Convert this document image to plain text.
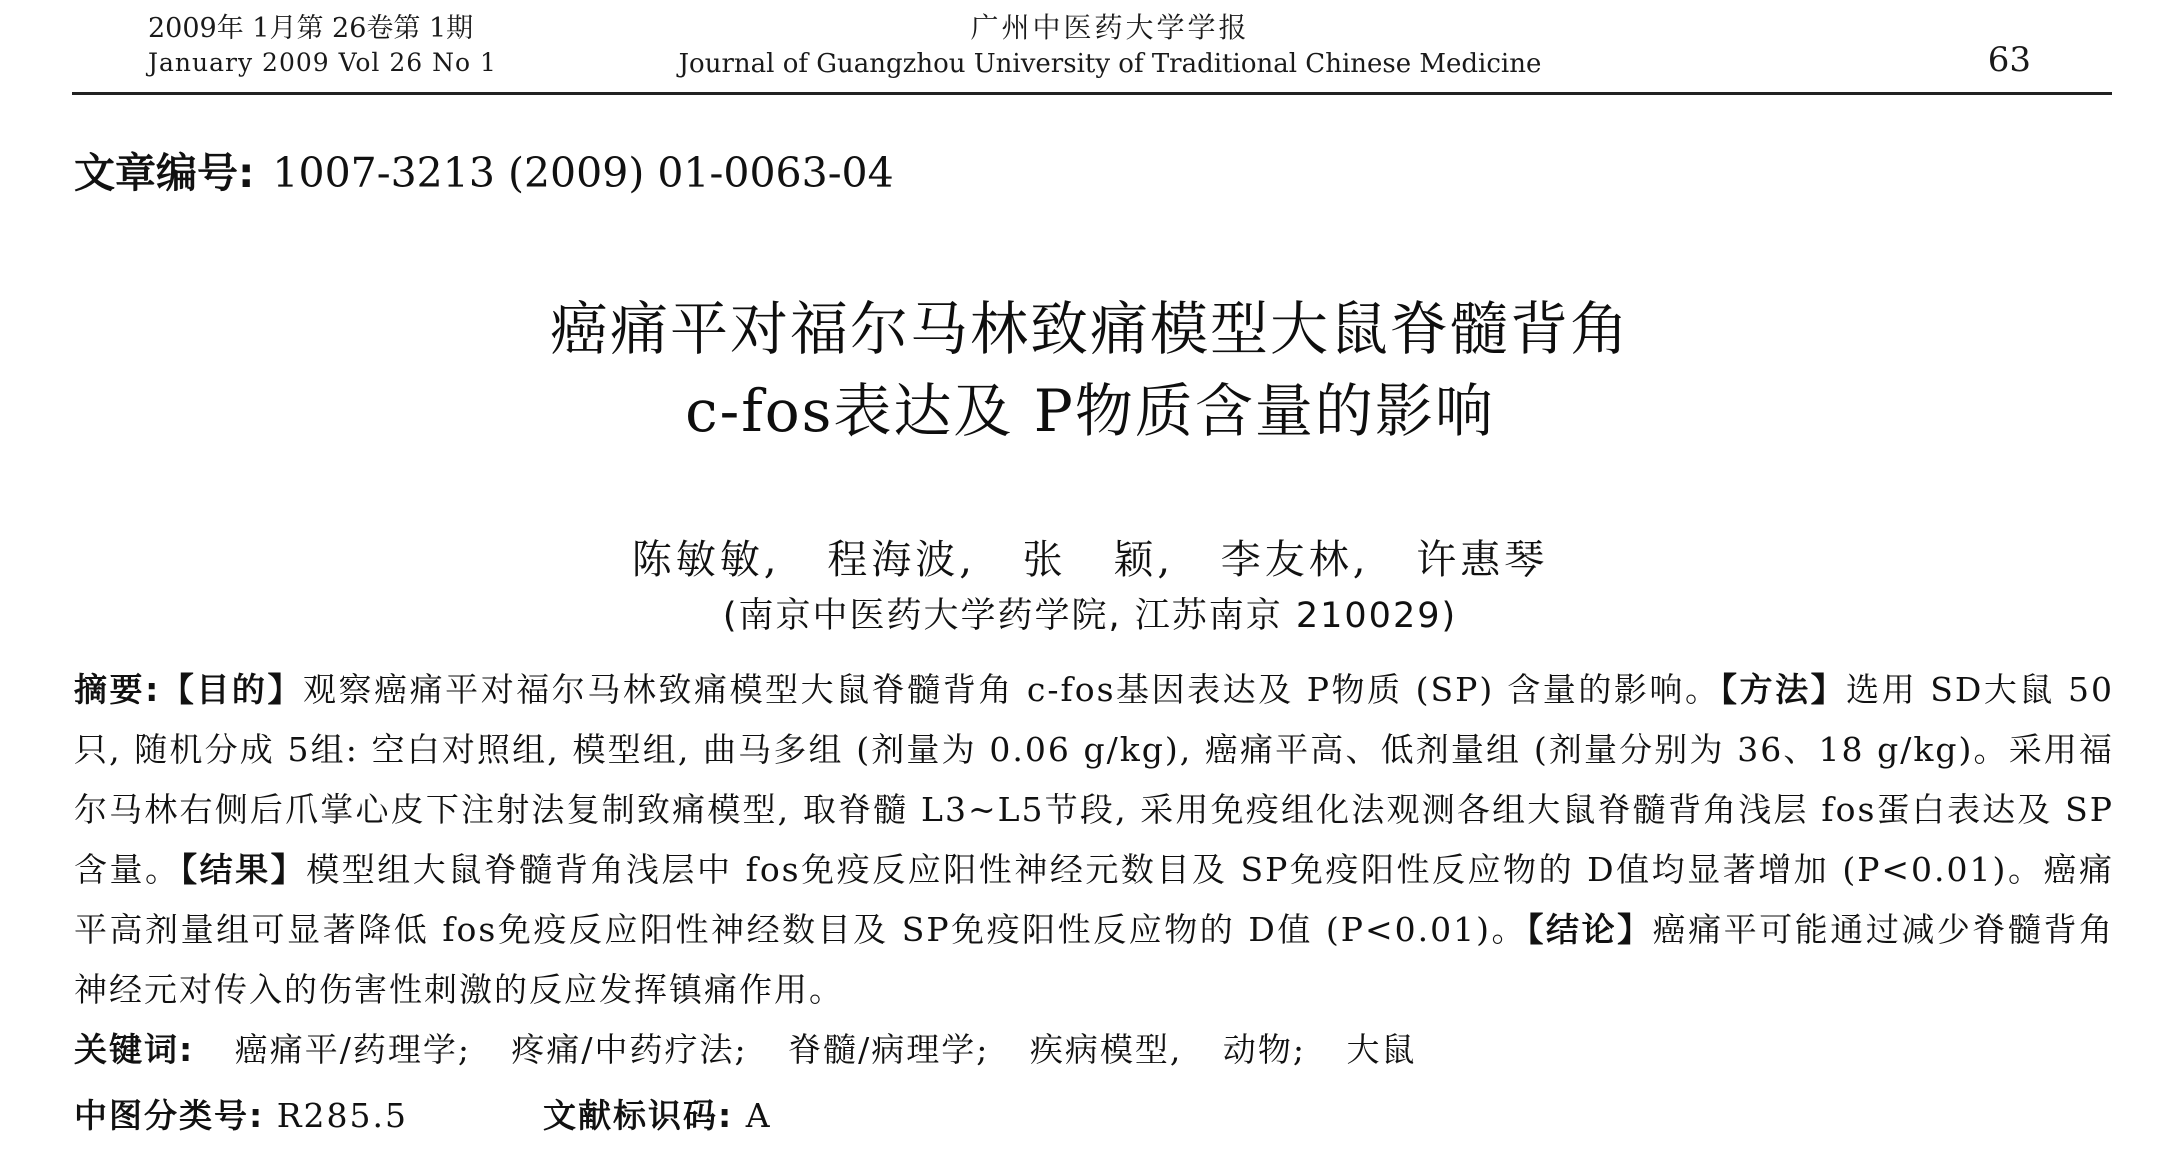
2009年 1月第 26卷第 1期
January 2009 Vol 26 No 1
广州中医药大学学报
Journal of Guangzhou University of Traditional Chinese Medicine	63
文章编号: 1007-3213 (2009) 01-0063-04
癌痛平对福尔马林致痛模型大鼠脊髓背角
c-fos表达及 P物质含量的影响
陈敏敏, 程海波, 张 颖, 李友林, 许惠琴
(南京中医药大学药学院, 江苏南京 210029)
摘要:【目的】观察癌痛平对福尔马林致痛模型大鼠脊髓背角 c-fos基因表达及 P物质 (SP) 含量的影响。【方法】选用 SD大鼠 50只, 随机分成 5组: 空白对照组, 模型组, 曲马多组 (剂量为 0.06 g/kg), 癌痛平高、低剂量组 (剂量分别为 36、18 g/kg)。采用福尔马林右侧后爪掌心皮下注射法复制致痛模型, 取脊髓 L3~L5节段, 采用免疫组化法观测各组大鼠脊髓背角浅层 fos蛋白表达及 SP含量。【结果】模型组大鼠脊髓背角浅层中 fos免疫反应阳性神经元数目及 SP免疫阳性反应物的 D值均显著增加 (P<0.01)。癌痛平高剂量组可显著降低 fos免疫反应阳性神经数目及 SP免疫阳性反应物的 D值 (P<0.01)。【结论】癌痛平可能通过减少脊髓背角神经元对传入的伤害性刺激的反应发挥镇痛作用。
关键词: 癌痛平/药理学; 疼痛/中药疗法; 脊髓/病理学; 疾病模型, 动物; 大鼠
中图分类号: R285.5	文献标识码: A
